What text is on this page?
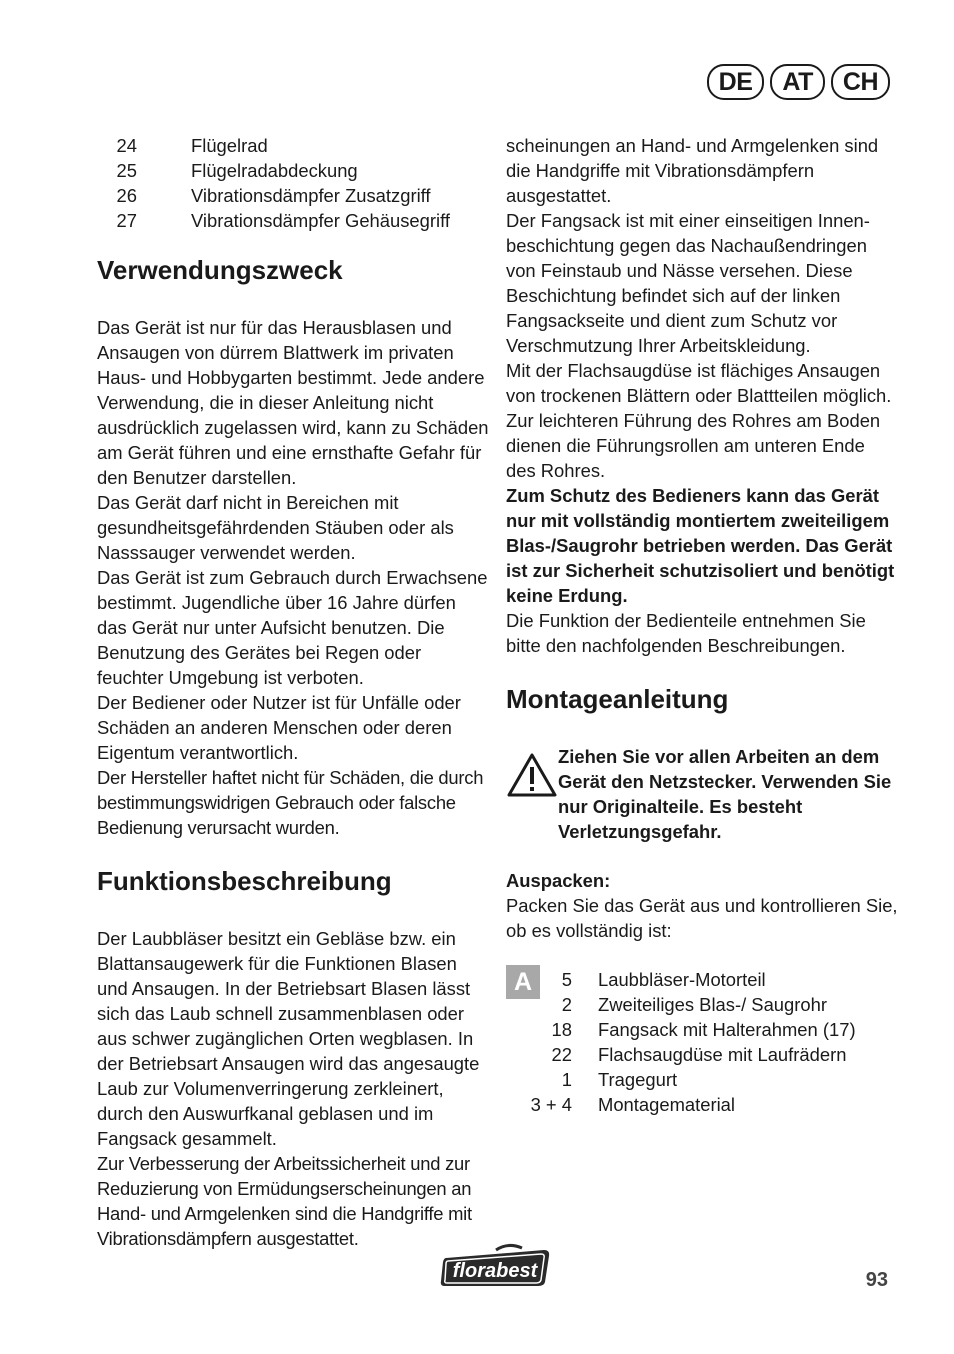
DE	AT	CH
24	Flügelrad
25	Flügelradabdeckung
26	Vibrationsdämpfer Zusatzgriff
27	Vibrationsdämpfer Gehäusegriff
Verwendungszweck

Das Gerät ist nur für das Herausblasen und Ansaugen von dürrem Blattwerk im privaten Haus- und Hobbygarten bestimmt. Jede andere Verwendung, die in dieser Anleitung nicht ausdrücklich zugelassen wird, kann zu Schäden am Gerät führen und eine ernsthafte Gefahr für den Benutzer darstellen.

Das Gerät darf nicht in Bereichen mit gesundheitsgefährdenden Stäuben oder als Nasssauger verwendet werden.

Das Gerät ist zum Gebrauch durch Erwachsene bestimmt. Jugendliche über 16 Jahre dürfen das Gerät nur unter Aufsicht benutzen. Die Benutzung des Gerätes bei Regen oder feuchter Umgebung ist verboten.

Der Bediener oder Nutzer ist für Unfälle oder Schäden an anderen Menschen oder deren Eigentum verantwortlich.

Der Hersteller haftet nicht für Schäden, die durch bestimmungswidrigen Gebrauch oder falsche Bedienung verursacht wurden.

Funktionsbeschreibung

Der Laubbläser besitzt ein Gebläse bzw. ein Blattansaugewerk für die Funktionen Blasen und Ansaugen. In der Betriebsart Blasen lässt sich das Laub schnell zusammenblasen oder aus schwer zugänglichen Orten wegblasen. In der Betriebsart Ansaugen wird das angesaugte Laub zur Volumenverringerung zerkleinert, durch den Auswurfkanal geblasen und im Fangsack gesammelt.

Zur Verbesserung der Arbeitssicherheit und zur Reduzierung von Ermüdungserscheinungen an Hand- und Armgelenken sind die Handgriffe mit Vibrationsdämpfern ausgestattet.

scheinungen an Hand- und Armgelenken sind die Handgriffe mit Vibrationsdämpfern ausgestattet.

Der Fangsack ist mit einer einseitigen Innenbeschichtung gegen das Nachaußendringen von Feinstaub und Nässe versehen. Diese Beschichtung befindet sich auf der linken Fangsackseite und dient zum Schutz vor Verschmutzung Ihrer Arbeitskleidung.

Mit der Flachsaugdüse ist flächiges Ansaugen von trockenen Blättern oder Blattteilen möglich. Zur leichteren Führung des Rohres am Boden dienen die Führungsrollen am unteren Ende des Rohres.

Zum Schutz des Bedieners kann das Gerät nur mit vollständig montiertem zweiteiligem Blas-/Saugrohr betrieben werden. Das Gerät ist zur Sicherheit schutzisoliert und benötigt keine Erdung.

Die Funktion der Bedienteile entnehmen Sie bitte den nachfolgenden Beschreibungen.

Montageanleitung

Ziehen Sie vor allen Arbeiten an dem Gerät den Netzstecker. Verwenden Sie nur Originalteile. Es besteht Verletzungsgefahr.

Auspacken:

Packen Sie das Gerät aus und kontrollieren Sie, ob es vollständig ist:

A	5 Laubbläser-Motorteil
2 Zweiteiliges Blas-/ Saugrohr
18 Fangsack mit Halterahmen (17)
22 Flachsaugdüse mit Laufrädern
1 Tragegurt
3 + 4 Montagematerial
florabest	93
